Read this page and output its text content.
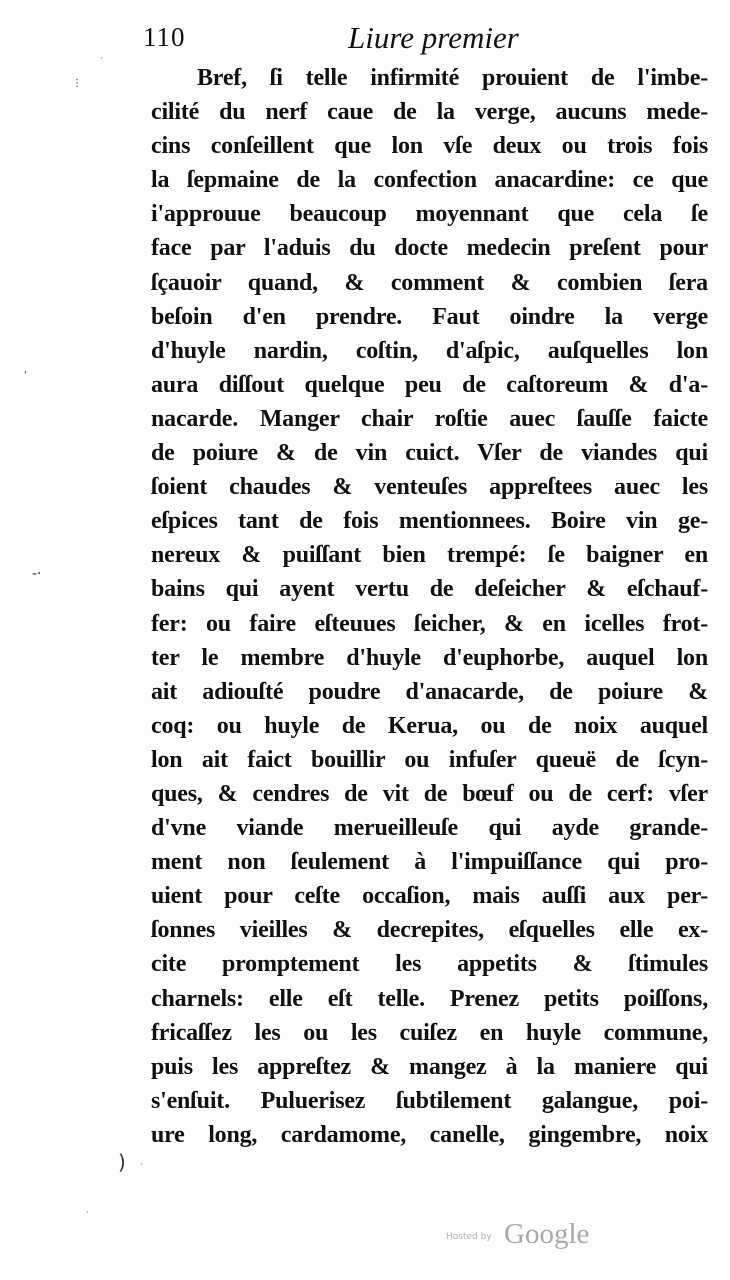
110	Liure premier
Bref, ſi telle infirmité prouient de l'imbe-
cilité du nerf caue de la verge, aucuns mede-
cins conſeillent que lon vſe deux ou trois fois
la ſepmaine de la confection anacardine: ce que
i'approuue beaucoup moyennant que cela ſe
face par l'aduis du docte medecin preſent pour
ſçauoir quand, & comment & combien ſera
beſoin d'en prendre. Faut oindre la verge
d'huyle nardin, coſtin, d'aſpic, auſquelles lon
aura diſſout quelque peu de caſtoreum & d'a-
nacarde. Manger chair roſtie auec ſauſſe faicte
de poiure & de vin cuict. Vſer de viandes qui
ſoient chaudes & venteuſes appreſtees auec les
eſpices tant de fois mentionnees. Boire vin ge-
nereux & puiſſant bien trempé: ſe baigner en
bains qui ayent vertu de deſeicher & eſchauf-
fer: ou faire eſteuues ſeicher, & en icelles frot-
ter le membre d'huyle d'euphorbe, auquel lon
ait adiouſté poudre d'anacarde, de poiure &
coq: ou huyle de Kerua, ou de noix auquel
lon ait faict bouillir ou infuſer queuë de ſcyn-
ques, & cendres de vit de bœuf ou de cerf: vſer
d'vne viande merueilleuſe qui ayde grande-
ment non ſeulement à l'impuiſſance qui pro-
uient pour ceſte occaſion, mais auſſi aux per-
ſonnes vieilles & decrepites, eſquelles elle ex-
cite promptement les appetits & ſtimules
charnels: elle eſt telle. Prenez petits poiſſons,
fricaſſez les ou les cuiſez en huyle commune,
puis les appreſtez & mangez à la maniere qui
s'enſuit. Puluerisez ſubtilement galangue, poi-
ure long, cardamome, canelle, gingembre, noix
⋮
·
'
-·
) ·
·
Hosted by Google
